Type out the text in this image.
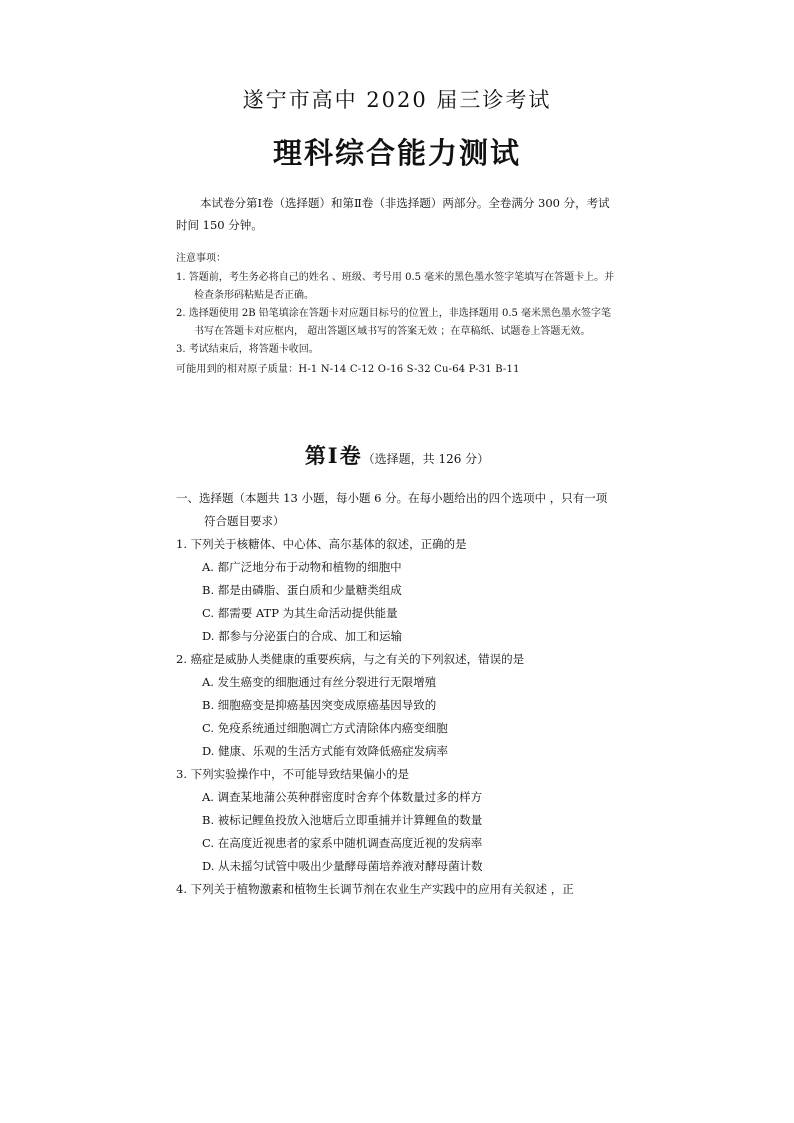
遂宁市高中 2020 届三诊考试
理科综合能力测试
本试卷分第Ⅰ卷（选择题）和第Ⅱ卷（非选择题）两部分。全卷满分 300 分，考试时间 150 分钟。
注意事项：
1. 答题前，考生务必将自己的姓名 、班级、考号用 0.5 毫米的黑色墨水签字笔填写在答题卡上。并检查条形码粘贴是否正确。
2. 选择题使用 2B 铅笔填涂在答题卡对应题目标号的位置上，非选择题用 0.5 毫米黑色墨水签字笔书写在答题卡对应框内， 超出答题区域书写的答案无效 ；在草稿纸、试题卷上答题无效。
3. 考试结束后，将答题卡收回。
可能用到的相对原子质量：H-1 N-14 C-12 O-16 S-32 Cu-64 P-31 B-11
第Ⅰ卷（选择题，共 126 分）
一、选择题（本题共 13 小题，每小题 6 分。在每小题给出的四个选项中 ，只有一项符合题目要求）
1. 下列关于核糖体、中心体、高尔基体的叙述，正确的是
A. 都广泛地分布于动物和植物的细胞中
B. 都是由磷脂、蛋白质和少量糖类组成
C. 都需要 ATP 为其生命活动提供能量
D. 都参与分泌蛋白的合成、加工和运输
2. 癌症是威胁人类健康的重要疾病，与之有关的下列叙述，错误的是
A. 发生癌变的细胞通过有丝分裂进行无限增殖
B. 细胞癌变是抑癌基因突变成原癌基因导致的
C. 免疫系统通过细胞凋亡方式清除体内癌变细胞
D. 健康、乐观的生活方式能有效降低癌症发病率
3. 下列实验操作中，不可能导致结果偏小的是
A. 调查某地蒲公英种群密度时舍弃个体数量过多的样方
B. 被标记鲤鱼投放入池塘后立即重捕并计算鲤鱼的数量
C. 在高度近视患者的家系中随机调查高度近视的发病率
D. 从未摇匀试管中吸出少量酵母菌培养液对酵母菌计数
4. 下列关于植物激素和植物生长调节剂在农业生产实践中的应用有关叙述 ，正
